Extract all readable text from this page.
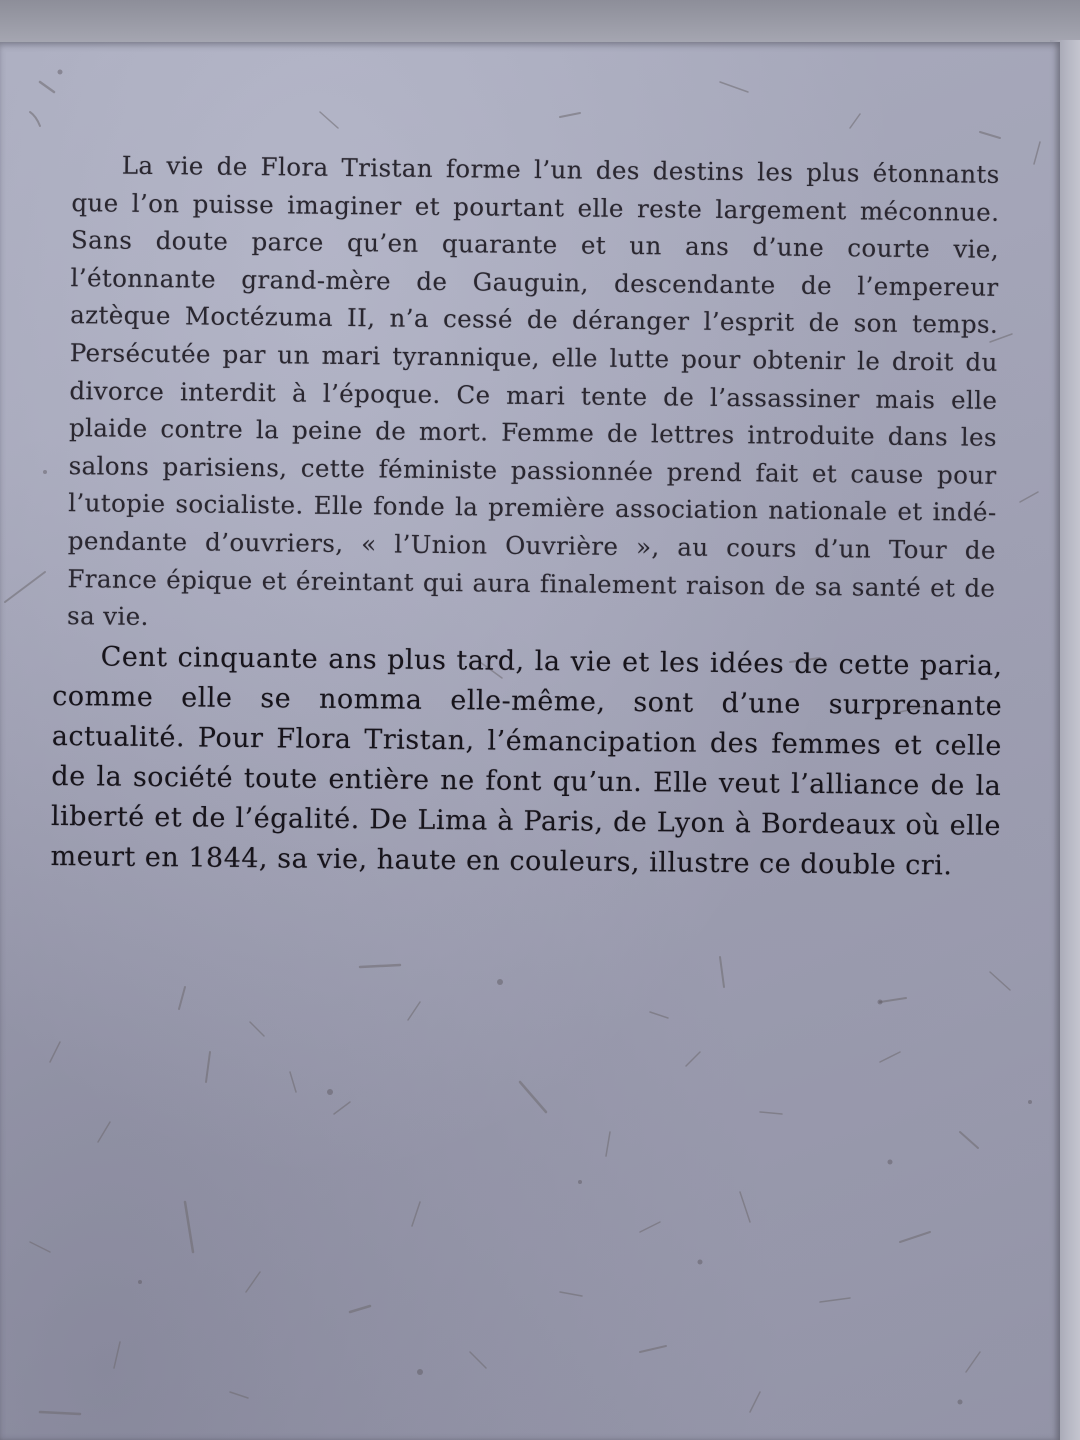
La vie de Flora Tristan forme l’un des destins les plus étonnants que l’on puisse imaginer et pourtant elle reste largement méconnue. Sans doute parce qu’en quarante et un ans d’une courte vie, l’étonnante grand-mère de Gauguin, descendante de l’empereur aztèque Moctézuma II, n’a cessé de déranger l’esprit de son temps. Persécutée par un mari tyrannique, elle lutte pour obtenir le droit du divorce interdit à l’époque. Ce mari tente de l’assassiner mais elle plaide contre la peine de mort. Femme de lettres introduite dans les salons parisiens, cette féministe passionnée prend fait et cause pour l’utopie socialiste. Elle fonde la première association nationale et indépendante d’ouvriers, « l’Union Ouvrière », au cours d’un Tour de France épique et éreintant qui aura finalement raison de sa santé et de sa vie.

Cent cinquante ans plus tard, la vie et les idées de cette paria, comme elle se nomma elle-même, sont d’une surprenante actualité. Pour Flora Tristan, l’émancipation des femmes et celle de la société toute entière ne font qu’un. Elle veut l’alliance de la liberté et de l’égalité. De Lima à Paris, de Lyon à Bordeaux où elle meurt en 1844, sa vie, haute en couleurs, illustre ce double cri.
